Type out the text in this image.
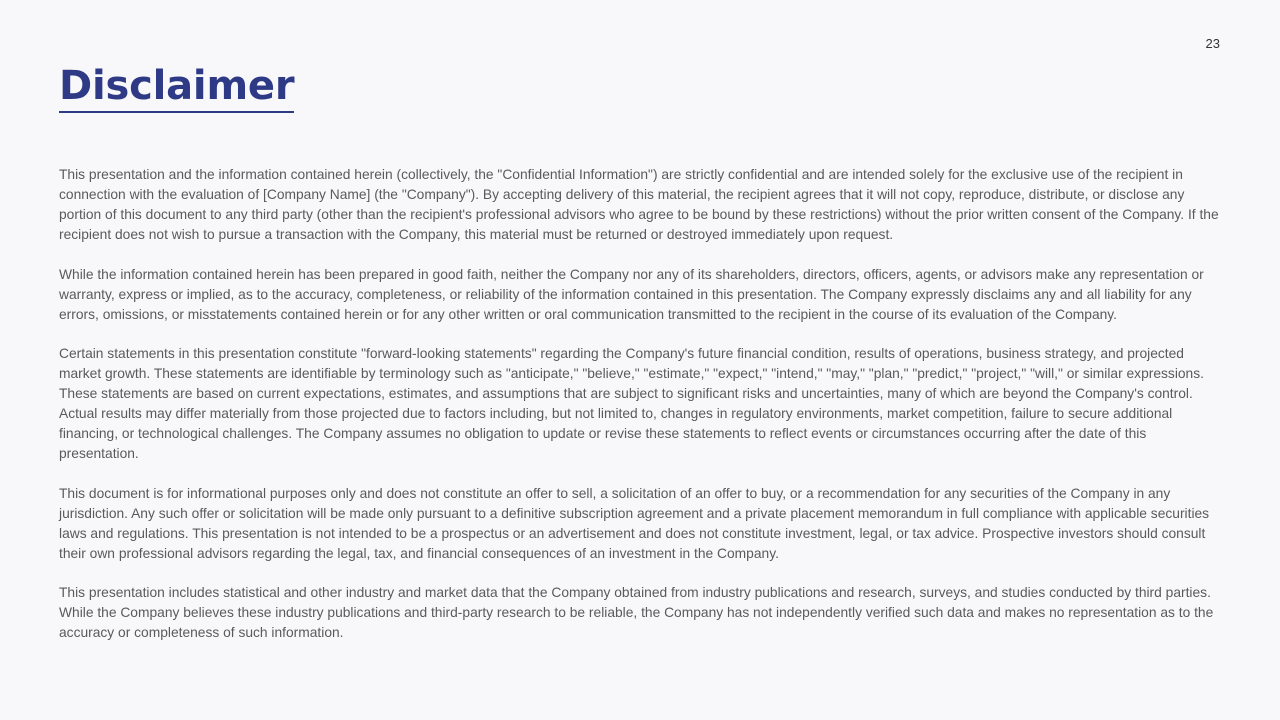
23
Disclaimer

This presentation and the information contained herein (collectively, the "Confidential Information") are strictly confidential and are intended solely for the exclusive use of the recipient in connection with the evaluation of [Company Name] (the "Company"). By accepting delivery of this material, the recipient agrees that it will not copy, reproduce, distribute, or disclose any portion of this document to any third party (other than the recipient's professional advisors who agree to be bound by these restrictions) without the prior written consent of the Company. If the recipient does not wish to pursue a transaction with the Company, this material must be returned or destroyed immediately upon request.

While the information contained herein has been prepared in good faith, neither the Company nor any of its shareholders, directors, officers, agents, or advisors make any representation or warranty, express or implied, as to the accuracy, completeness, or reliability of the information contained in this presentation. The Company expressly disclaims any and all liability for any errors, omissions, or misstatements contained herein or for any other written or oral communication transmitted to the recipient in the course of its evaluation of the Company.

Certain statements in this presentation constitute "forward-looking statements" regarding the Company's future financial condition, results of operations, business strategy, and projected market growth. These statements are identifiable by terminology such as "anticipate," "believe," "estimate," "expect," "intend," "may," "plan," "predict," "project," "will," or similar expressions. These statements are based on current expectations, estimates, and assumptions that are subject to significant risks and uncertainties, many of which are beyond the Company's control. Actual results may differ materially from those projected due to factors including, but not limited to, changes in regulatory environments, market competition, failure to secure additional financing, or technological challenges. The Company assumes no obligation to update or revise these statements to reflect events or circumstances occurring after the date of this presentation.

This document is for informational purposes only and does not constitute an offer to sell, a solicitation of an offer to buy, or a recommendation for any securities of the Company in any jurisdiction. Any such offer or solicitation will be made only pursuant to a definitive subscription agreement and a private placement memorandum in full compliance with applicable securities laws and regulations. This presentation is not intended to be a prospectus or an advertisement and does not constitute investment, legal, or tax advice. Prospective investors should consult their own professional advisors regarding the legal, tax, and financial consequences of an investment in the Company.

This presentation includes statistical and other industry and market data that the Company obtained from industry publications and research, surveys, and studies conducted by third parties. While the Company believes these industry publications and third-party research to be reliable, the Company has not independently verified such data and makes no representation as to the accuracy or completeness of such information.
